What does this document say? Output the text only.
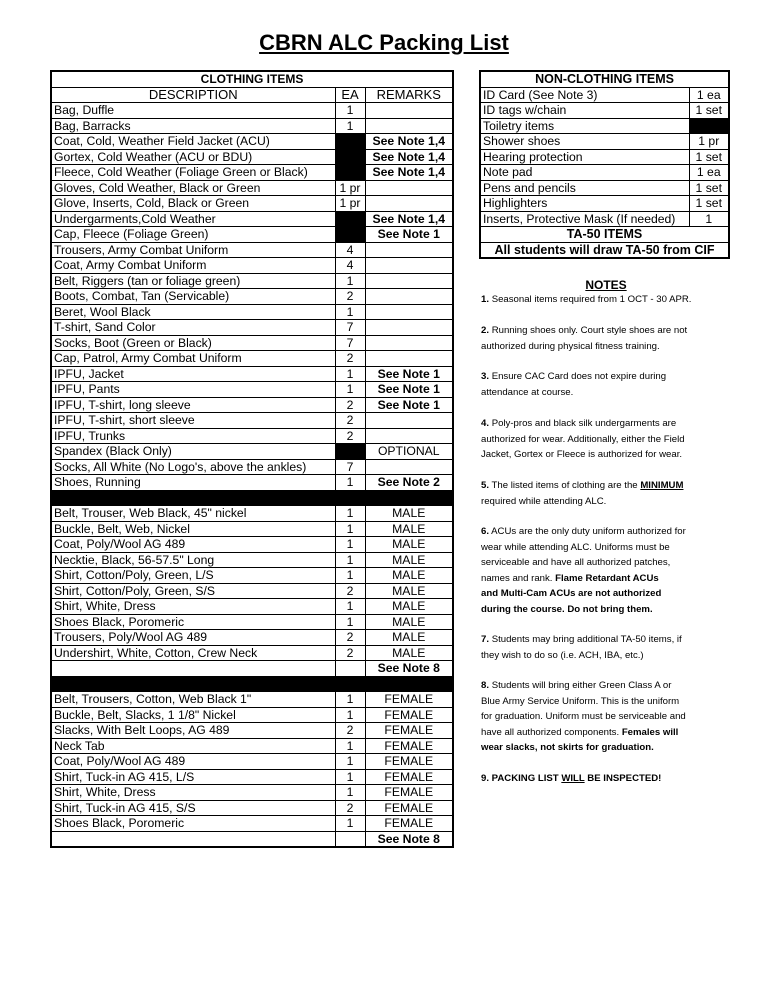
CBRN ALC Packing List
CLOTHING ITEMS		
DESCRIPTION	EA	REMARKS
Bag, Duffle	1	
Bag, Barracks	1	
Coat, Cold, Weather Field Jacket (ACU)		See Note 1,4
Gortex, Cold Weather (ACU or BDU)		See Note 1,4
Fleece, Cold Weather (Foliage Green or Black)		See Note 1,4
Gloves, Cold Weather, Black or Green	1 pr	
Glove, Inserts, Cold, Black or Green	1 pr	
Undergarments,Cold Weather		See Note 1,4
Cap, Fleece (Foliage Green)		See Note 1
Trousers, Army Combat Uniform	4	
Coat, Army Combat Uniform	4	
Belt, Riggers (tan or foliage green)	1	
Boots, Combat, Tan (Servicable)	2	
Beret, Wool Black	1	
T-shirt, Sand Color	7	
Socks, Boot (Green or Black)	7	
Cap, Patrol, Army Combat Uniform	2	
IPFU, Jacket	1	See Note 1
IPFU, Pants	1	See Note 1
IPFU, T-shirt, long sleeve	2	See Note 1
IPFU, T-shirt, short sleeve	2	
IPFU, Trunks	2	
Spandex (Black Only)		OPTIONAL
Socks, All White (No Logo's, above the ankles)	7	
Shoes, Running	1	See Note 2

Belt, Trouser, Web Black, 45" nickel	1	MALE
Buckle, Belt, Web, Nickel	1	MALE
Coat, Poly/Wool AG 489	1	MALE
Necktie, Black, 56-57.5" Long	1	MALE
Shirt, Cotton/Poly, Green, L/S	1	MALE
Shirt, Cotton/Poly, Green, S/S	2	MALE
Shirt, White, Dress	1	MALE
Shoes Black, Poromeric	1	MALE
Trousers, Poly/Wool AG 489	2	MALE
Undershirt, White, Cotton, Crew Neck	2	MALE
		See Note 8

Belt, Trousers, Cotton, Web Black 1"	1	FEMALE
Buckle, Belt, Slacks, 1 1/8" Nickel	1	FEMALE
Slacks, With Belt Loops, AG 489	2	FEMALE
Neck Tab	1	FEMALE
Coat, Poly/Wool AG 489	1	FEMALE
Shirt, Tuck-in AG 415, L/S	1	FEMALE
Shirt, White, Dress	1	FEMALE
Shirt, Tuck-in AG 415, S/S	2	FEMALE
Shoes Black, Poromeric	1	FEMALE
		See Note 8
NON-CLOTHING ITEMS	
ID Card (See Note 3)	1 ea
ID tags w/chain	1 set
Toiletry items	
Shower shoes	1 pr
Hearing protection	1 set
Note pad	1 ea
Pens and pencils	1 set
Highlighters	1 set
Inserts, Protective Mask (If needed)	1
TA-50 ITEMS	
All students will draw TA-50 from CIF	
NOTES
1. Seasonal items required from 1 OCT - 30 APR.
2. Running shoes only. Court style shoes are not
authorized during physical fitness training.
3. Ensure CAC Card does not expire during
attendance at course.
4. Poly-pros and black silk undergarments are
authorized for wear. Additionally, either the Field
Jacket, Gortex or Fleece is authorized for wear.
5. The listed items of clothing are the MINIMUM
required while attending ALC.
6. ACUs are the only duty uniform authorized for
wear while attending ALC. Uniforms must be
serviceable and have all authorized patches,
names and rank. Flame Retardant ACUs
and Multi-Cam ACUs are not authorized
during the course. Do not bring them.
7. Students may bring additional TA-50 items, if
they wish to do so (i.e. ACH, IBA, etc.)
8. Students will bring either Green Class A or
Blue Army Service Uniform. This is the uniform
for graduation. Uniform must be serviceable and
have all authorized components. Females will
wear slacks, not skirts for graduation.
9. PACKING LIST WILL BE INSPECTED!
